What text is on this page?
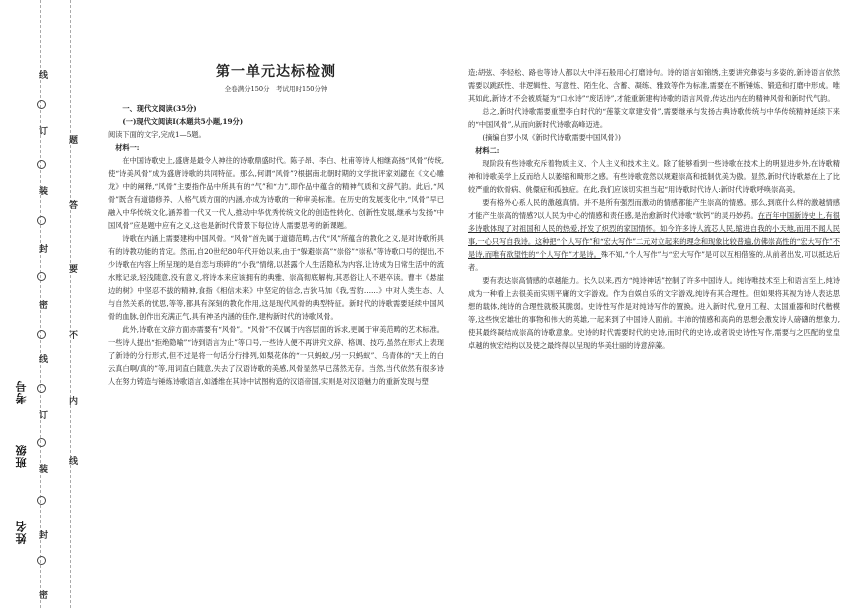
线
订
装
封
密
线
订
装
封
密
题
答
要
不
内
线
考号
班级
姓名
第一单元达标检测
全卷满分150分　考试用时150分钟

一、现代文阅读(35分)

(一)现代文阅读Ⅰ(本题共5小题,19分)

阅读下面的文字,完成1—5题。

材料一:

在中国诗歌史上,盛唐是最令人神往的诗歌鼎盛时代。陈子昂、李白、杜甫等诗人相继高扬“风骨”传统,使“诗美风骨”成为盛唐诗歌的共同特征。那么,何谓“风骨”?根据南北朝时期的文学批评家刘勰在《文心雕龙》中的阐释,“风骨”主要指作品中所具有的“气”和“力”,即作品中蕴含的精神气质和文辞气韵。此后,“风骨”既含有道德修养、人格气质方面的内涵,亦成为诗歌的一种审美标准。在历史的发展变化中,“风骨”早已融入中华传统文化,涵养着一代又一代人,推动中华优秀传统文化的创造性转化、创新性发展,继承与发扬“中国风骨”应是题中应有之义,这也是新时代背景下每位诗人需要思考的新课题。

诗歌在内涵上需要建构中国风骨。“风骨”首先属于道德范畴,古代“风”所蕴含的教化之义,是对诗歌所具有的诗教功能的肯定。然而,自20世纪80年代开始以来,由于“躲避崇高”“崇俗”“崇私”等诗歌口号的提出,不少诗歌在内容上所呈现的是自恋与琐碎的“小我”情绪,以甚露个人生活隐私为内容,让诗成为日常生活中的流水账记录,轻浅随意,没有意义,将诗本来应该拥有的典雅、崇高彻底解构,其恶俗让人不堪卒读。曹丰《悬崖边的树》中坚忍不拔的精神,食指《相信未来》中坚定的信念,吉狄马加《我,雪豹……》中对人类生态、人与自然关系的忧思,等等,都具有深刻的教化作用,这是现代风骨的典型特征。新时代的诗歌需要延续中国风骨的血脉,创作出充满正气,具有神圣内涵的佳作,建构新时代的诗歌风骨。

此外,诗歌在文辞方面亦需要有“风骨”。“风骨”不仅属于内容层面的诉求,更属于审美范畴的艺术标准。一些诗人提出“拒绝隐喻”“诗到语言为止”等口号,一些诗人便不再讲究文辞、格调、技巧,虽然在形式上表现了新诗的分行形式,但不过是将一句话分行排列,如梨花体的“一只蚂蚁,/另一只蚂蚁”、乌青体的“天上的白云真白啊/真的”等,用词直白随意,失去了汉语诗歌的美感,风骨显然早已荡然无存。当然,当代依然有很多诗人在努力铸造与锤炼诗歌语言,如潘维在其诗中试图构造的汉语帝国,实则是对汉语魅力的重新发现与塑

造;胡弦、李轻松、路也等诗人都以大中洋石般用心打磨诗句。诗的语言如锦绣,主要讲究彝姿与多姿的,新诗语言依然需要以跳跃性、非逻辑性、写意性、陌生化、含蓄、凝练、雅致等作为标准,需要在不断锤炼、锻造和打磨中形成。唯其如此,新诗才不会被质疑为“口水诗”“废话诗”,才能重新建构诗歌的语言风骨,传达出内在的精神风骨和新时代气韵。

总之,新时代诗歌需要重塑李白时代的“莲篆文章建安骨”,需要继承与发扬古典诗歌传统与中华传统精神延续下来的“中国风骨”,从而向新时代诗歌高峰迈进。

(摘编自罗小凤《新时代诗歌需要中国风骨》)

材料二:

现阶段有些诗歌充斥着物质主义、个人主义和技术主义。除了能够看到一些诗歌在技术上的明显进步外,在诗歌精神和诗歌美学上反而给人以萎缩和畸形之感。有些诗歌竟然以规避崇高和抵制优美为傲。显然,新时代诗歌悬在上了比较严重的软骨病、佻儇症和孤独症。在此,我们应该切实担当起“用诗歌时代诗人:新时代诗歌呼唤崇高美。

要有格外心系人民的激越真情。并不是所有强烈而激动的情感都能产生崇高的情感。那么,到底什么样的激越情感才能产生崇高的情感?以人民为中心的情感和责任感,是治愈新时代诗歌“软钙”的灵丹妙药。在百年中国新诗史上,有很多诗歌体现了对祖国和人民的热爱,抒发了炽烈的家国情怀。如今许多诗人流芯人民,缩进自我的小天地,而用不闻人民事,一心只写自我诗。这种把“个人写作”和“宏大写作”二元对立起来的理念和现象比较普遍,仿佛崇高性的“宏大写作”不是诗,而唯有欲望性的“个人写作”才是诗。殊不知,“个人写作”与“宏大写作”是可以互相借鉴的,从前者出发,可以抵达后者。

要有表达崇高情感的卓越能力。长久以来,西方“纯诗神话”控制了许多中国诗人。纯诗唯技术至上和语言至上,纯诗成为一种看上去很美而实则平庸的文字游戏。作为自娱自乐的文字游戏,纯诗有其合理性。但如果将其视为诗人表达思想的载体,纯诗的合理性就极其脆弱。史诗性写作是对纯诗写作的置换。进入新时代,登月工程、太国重器和时代楷模等,这些恢宏雄壮的事物和伟大的英雄,一起来到了中国诗人面前。丰沛的情感和高尚的思想会激发诗人磅礴的想象力,使其最终凝结成崇高的诗歌意象。史诗的时代需要时代的史诗,而时代的史诗,或者说史诗性写作,需要与之匹配的堂皇卓越的恢宏结构以及使之最终得以呈现的华美壮丽的诗意辞藻。
